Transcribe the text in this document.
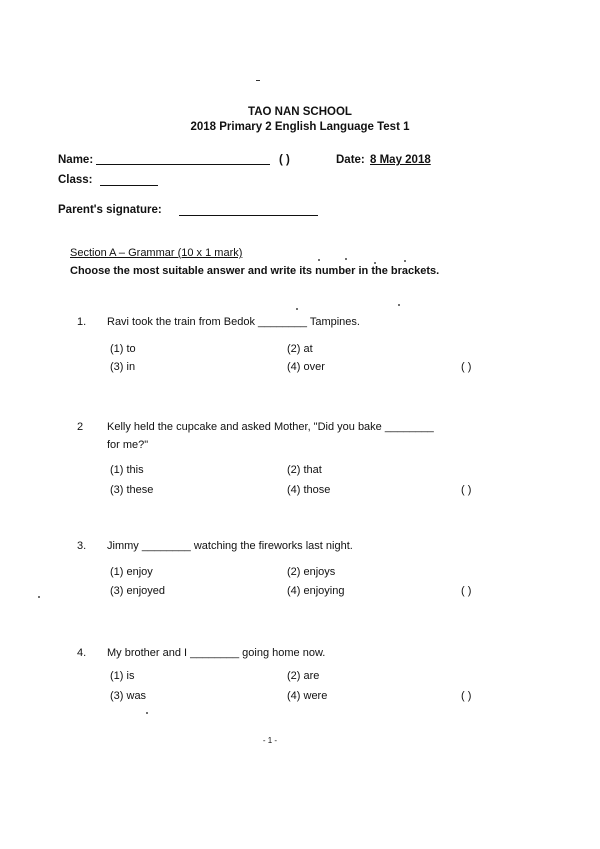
TAO NAN SCHOOL
2018 Primary 2 English Language Test 1
Name:	( )	Date: 8 May 2018
Class:
Parent's signature:
Section A – Grammar (10 x 1 mark)
Choose the most suitable answer and write its number in the brackets.
1. Ravi took the train from Bedok ________ Tampines.
(1) to	(2) at
(3) in	(4) over	( )
2 Kelly held the cupcake and asked Mother, "Did you bake ________
for me?"
(1) this	(2) that
(3) these	(4) those	( )
3. Jimmy ________ watching the fireworks last night.
(1) enjoy	(2) enjoys
(3) enjoyed	(4) enjoying	( )
4. My brother and I ________ going home now.
(1) is	(2) are
(3) was	(4) were	( )
- 1 -
